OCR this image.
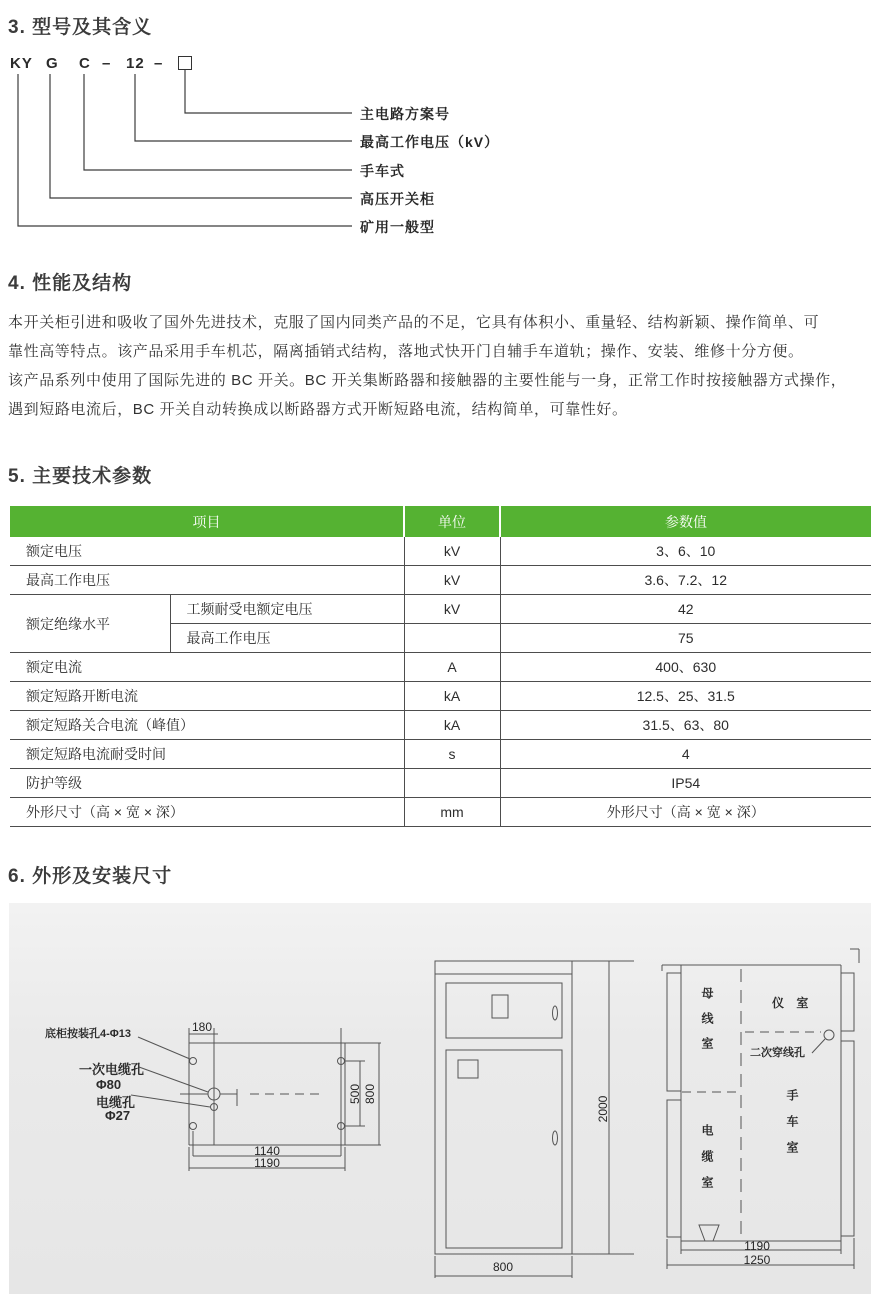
3. 型号及其含义
KY G C – 12 –
主电路方案号
最高工作电压（kV）
手车式
高压开关柜
矿用一般型
4. 性能及结构
本开关柜引进和吸收了国外先进技术，克服了国内同类产品的不足，它具有体积小、重量轻、结构新颖、操作简单、可
靠性高等特点。该产品采用手车机芯，隔离插销式结构，落地式快开门自辅手车道轨；操作、安装、维修十分方便。
该产品系列中使用了国际先进的 BC 开关。BC 开关集断路器和接触器的主要性能与一身，正常工作时按接触器方式操作，
遇到短路电流后，BC 开关自动转换成以断路器方式开断短路电流，结构简单，可靠性好。
5. 主要技术参数
项目		单位	参数值
额定电压		kV	3、6、10
最高工作电压		kV	3.6、7.2、12
额定绝缘水平	工频耐受电额定电压	kV	42
	最高工作电压		75
额定电流		A	400、630
额定短路开断电流		kA	12.5、25、31.5
额定短路关合电流（峰值）		kA	31.5、63、80
额定短路电流耐受时间		s	4
防护等级			IP54
外形尺寸（高 × 宽 × 深）		mm	外形尺寸（高 × 宽 × 深）
6. 外形及安装尺寸
底柜按装孔4-Φ13	180
一次电缆孔
Φ80
电缆孔
Φ27
500 800
1140
1190
2000
800
母线室	仪 室
二次穿线孔
手车室
电缆室
1190
1250
